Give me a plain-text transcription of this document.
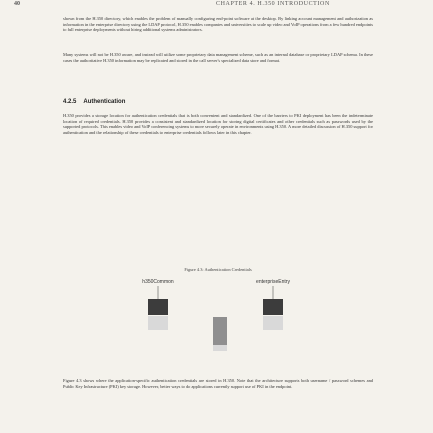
40	CHAPTER 4. H.350 INTRODUCTION
shown from the H.350 directory, which enables the problem of manually configuring end-point software at the desktop. By linking account management and authorization as information in the enterprise directory using the LDAP protocol, H.350 enables companies and universities to scale up video and VoIP operations from a few hundred endpoints to full enterprise deployments without hiring additional systems administrators.
Many systems will not be H.350 aware, and instead will utilize some proprietary data management scheme, such as an internal database or proprietary LDAP schema. In these cases the authoritative H.350 information may be replicated and stored in the call server's specialized data store and format.
4.2.5 Authentication
H.350 provides a storage location for authentication credentials that is both convenient and standardized. One of the barriers to PKI deployment has been the indeterminate location of required credentials. H.350 provides a consistent and standardized location for storing digital certificates and other credentials such as passwords used by the supported protocols. This enables video and VoIP conferencing systems to more securely operate in environments using H.350. A more detailed discussion of H.350 support for authentication and the relationship of these credentials to enterprise credentials follows later in this chapter.
Figure 4.3: Authentication Credentials
h350Common	enterpriseEntry
Figure 4.3 shows where the application-specific authentication credentials are stored in H.350. Note that the architecture supports both username / password schemes and Public Key Infrastructure (PKI) key storage. However, better ways to do applications currently support use of PKI in the endpoint.
